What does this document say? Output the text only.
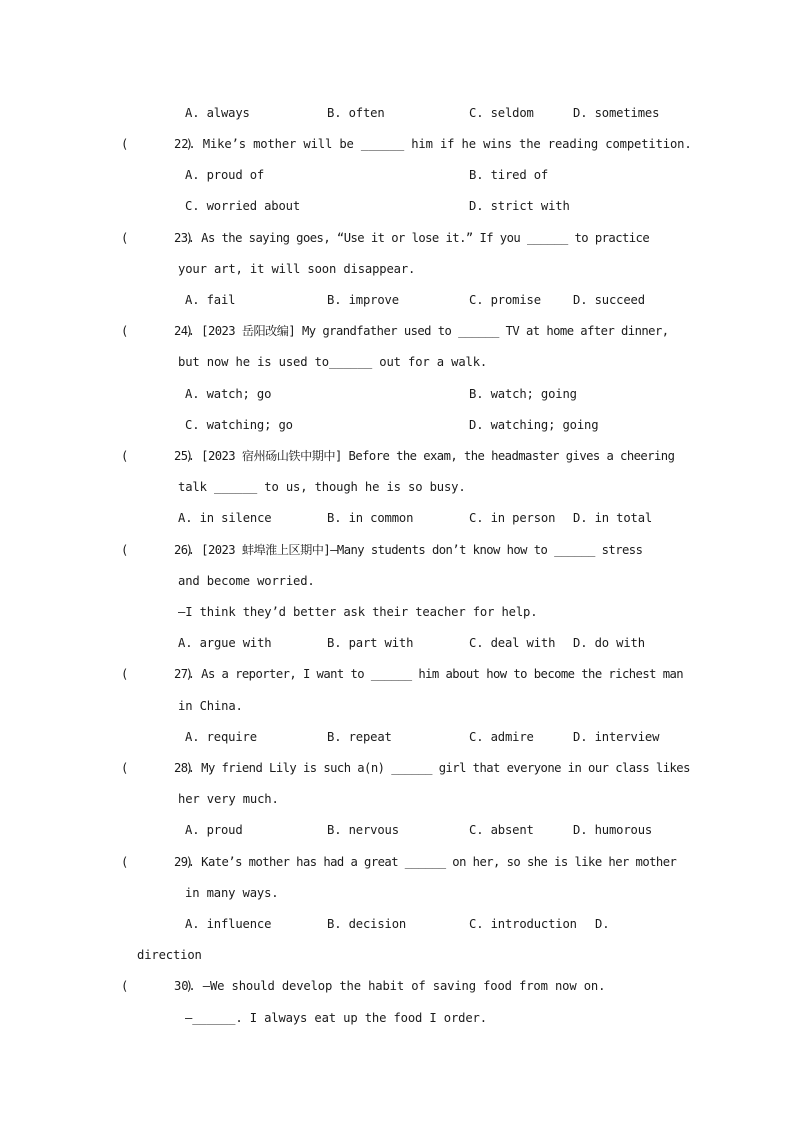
A. always	B. often	C. seldom	D. sometimes
(        )
22. Mike’s mother will be ______ him if he wins the reading competition.
A. proud of	B. tired of
C. worried about	D. strict with
(        )
23. As the saying goes, “Use it or lose it.” If you ______ to practice
your art, it will soon disappear.
A. fail	B. improve	C. promise	D. succeed
(        )
24. [2023 岳阳改编] My grandfather used to ______ TV at home after dinner,
but now he is used to______ out for a walk.
A. watch; go	B. watch; going
C. watching; go	D. watching; going
(        )
25. [2023 宿州砀山铁中期中] Before the exam, the headmaster gives a cheering
talk ______ to us, though he is so busy.
A. in silence	B. in common	C. in person D. in total
(        )
26. [2023 蚌埠淮上区期中]—Many students don’t know how to ______ stress
and become worried.
—I think they’d better ask their teacher for help.
A. argue with	B. part with	C. deal with D. do with
(        )
27. As a reporter, I want to ______ him about how to become the richest man
in China.
A. require	B. repeat	C. admire	D. interview
(        )
28. My friend Lily is such a(n) ______ girl that everyone in our class likes
her very much.
A. proud	B. nervous	C. absent	D. humorous
(        )
29. Kate’s mother has had a great ______ on her, so she is like her mother
in many ways.
A. influence	B. decision	C. introduction D.
direction
(        )
30. —We should develop the habit of saving food from now on.
—______. I always eat up the food I order.
